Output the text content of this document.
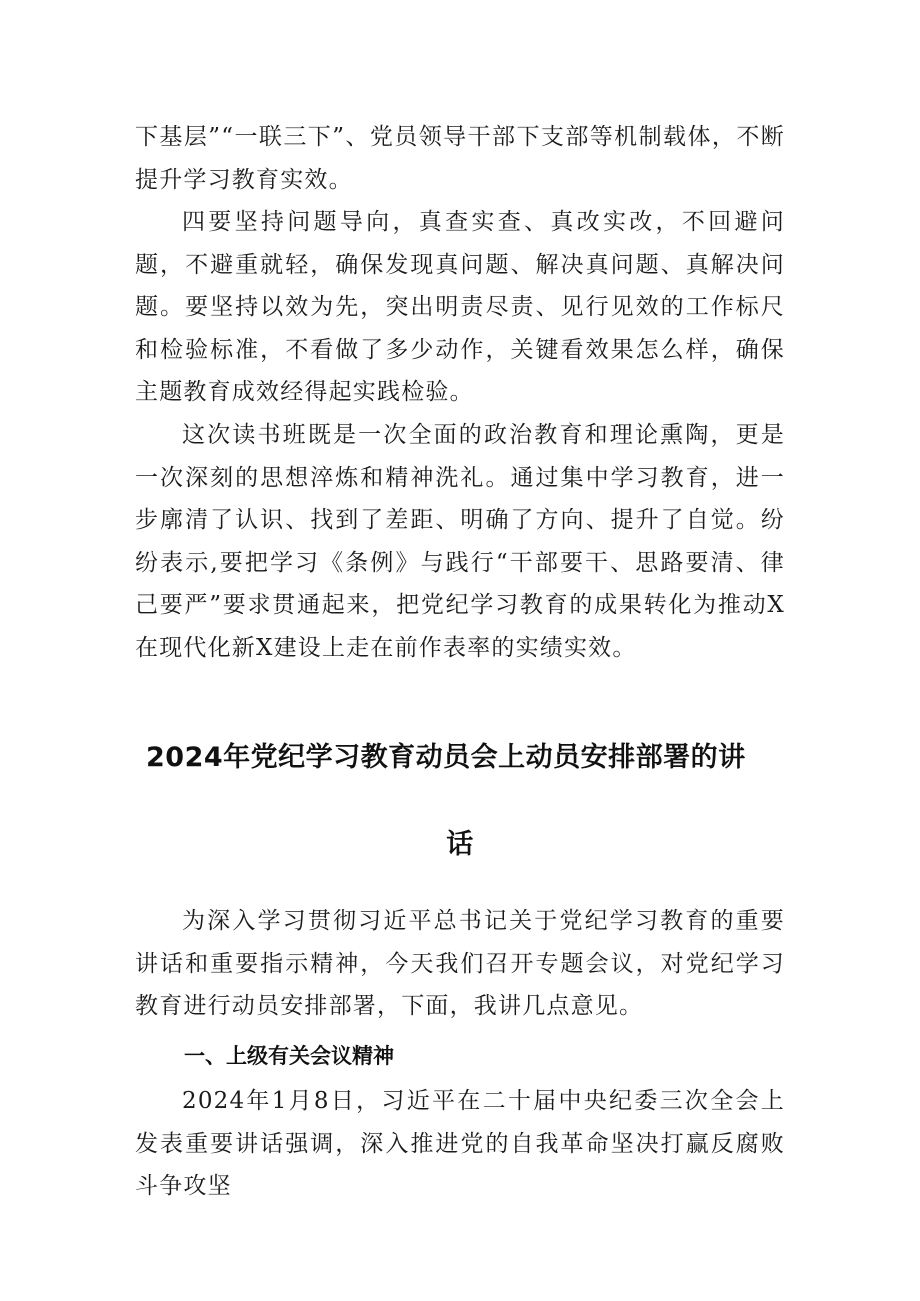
下基层”“一联三下”、党员领导干部下支部等机制载体，不断提升学习教育实效。

四要坚持问题导向，真查实查、真改实改，不回避问题，不避重就轻，确保发现真问题、解决真问题、真解决问题。要坚持以效为先，突出明责尽责、见行见效的工作标尺和检验标准，不看做了多少动作，关键看效果怎么样，确保主题教育成效经得起实践检验。

这次读书班既是一次全面的政治教育和理论熏陶，更是一次深刻的思想淬炼和精神洗礼。通过集中学习教育，进一步廓清了认识、找到了差距、明确了方向、提升了自觉。纷纷表示,要把学习《条例》与践行“干部要干、思路要清、律己要严”要求贯通起来，把党纪学习教育的成果转化为推动X在现代化新X建设上走在前作表率的实绩实效。

2024年党纪学习教育动员会上动员安排部署的讲
话

为深入学习贯彻习近平总书记关于党纪学习教育的重要讲话和重要指示精神，今天我们召开专题会议，对党纪学习教育进行动员安排部署，下面，我讲几点意见。

一、上级有关会议精神

2024年1月8日，习近平在二十届中央纪委三次全会上发表重要讲话强调，深入推进党的自我革命坚决打赢反腐败斗争攻坚
